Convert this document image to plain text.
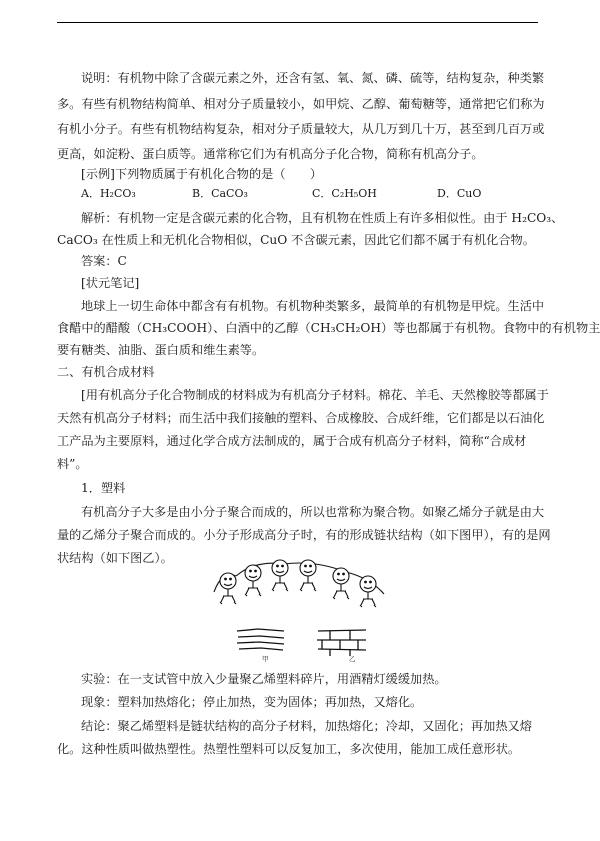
说明：有机物中除了含碳元素之外，还含有氢、氧、氮、磷、硫等，结构复杂，种类繁
多。有些有机物结构简单、相对分子质量较小，如甲烷、乙醇、葡萄糖等，通常把它们称为
有机小分子。有些有机物结构复杂，相对分子质量较大，从几万到几十万，甚至到几百万或
更高，如淀粉、蛋白质等。通常称它们为有机高分子化合物，简称有机高分子。
[示例]下列物质属于有机化合物的是（　　）
A．H₂CO₃	B．CaCO₃	C．C₂H₅OH	D．CuO
解析：有机物一定是含碳元素的化合物，且有机物在性质上有许多相似性。由于 H₂CO₃、
CaCO₃ 在性质上和无机化合物相似，CuO 不含碳元素，因此它们都不属于有机化合物。
答案：C
[状元笔记]
地球上一切生命体中都含有有机物。有机物种类繁多，最简单的有机物是甲烷。生活中
食醋中的醋酸（CH₃COOH）、白酒中的乙醇（CH₃CH₂OH）等也都属于有机物。食物中的有机物主
要有糖类、油脂、蛋白质和维生素等。
二、有机合成材料
[用有机高分子化合物制成的材料成为有机高分子材料。棉花、羊毛、天然橡胶等都属于
天然有机高分子材料；而生活中我们接触的塑料、合成橡胶、合成纤维，它们都是以石油化
工产品为主要原料，通过化学合成方法制成的，属于合成有机高分子材料，简称“合成材
料”。
1．塑料
有机高分子大多是由小分子聚合而成的，所以也常称为聚合物。如聚乙烯分子就是由大
量的乙烯分子聚合而成的。小分子形成高分子时，有的形成链状结构（如下图甲），有的是网
状结构（如下图乙）。
甲	乙
实验：在一支试管中放入少量聚乙烯塑料碎片，用酒精灯缓缓加热。
现象：塑料加热熔化；停止加热，变为固体；再加热，又熔化。
结论：聚乙烯塑料是链状结构的高分子材料，加热熔化；冷却，又固化；再加热又熔
化。这种性质叫做热塑性。热塑性塑料可以反复加工，多次使用，能加工成任意形状。
